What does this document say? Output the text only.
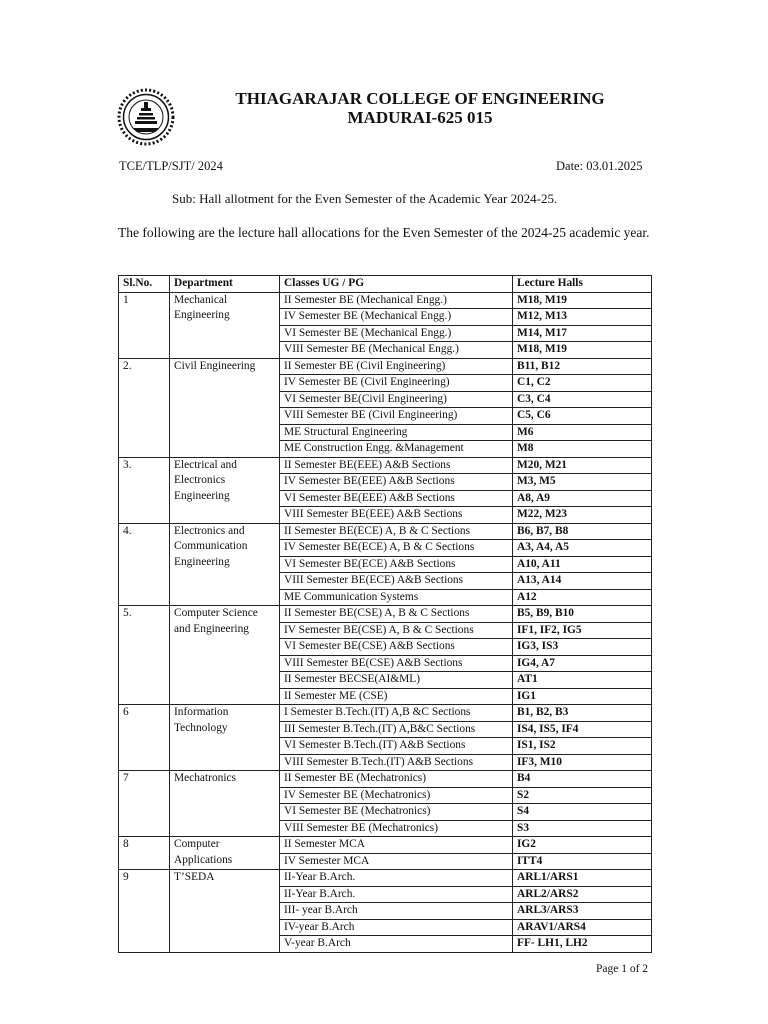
THIAGARAJAR COLLEGE OF ENGINEERING
MADURAI-625 015
TCE/TLP/SJT/ 2024	Date: 03.01.2025
Sub: Hall allotment for the Even Semester of the Academic Year 2024-25.
The following are the lecture hall allocations for the Even Semester of the 2024-25 academic year.
Sl.No.	Department	Classes UG / PG	Lecture Halls
1	Mechanical Engineering	II Semester BE (Mechanical Engg.)	M18, M19
		IV Semester BE (Mechanical Engg.)	M12, M13
		VI Semester BE (Mechanical Engg.)	M14, M17
		VIII Semester BE (Mechanical Engg.)	M18, M19
2.	Civil Engineering	II Semester BE (Civil Engineering)	B11, B12
		IV Semester BE (Civil Engineering)	C1, C2
		VI Semester BE(Civil Engineering)	C3, C4
		VIII Semester BE (Civil Engineering)	C5, C6
		ME Structural Engineering	M6
		ME Construction Engg. &Management	M8
3.	Electrical and Electronics Engineering	II Semester BE(EEE) A&B Sections	M20, M21
		IV Semester BE(EEE) A&B Sections	M3, M5
		VI Semester BE(EEE) A&B Sections	A8, A9
		VIII Semester BE(EEE) A&B Sections	M22, M23
4.	Electronics and Communication Engineering	II Semester BE(ECE) A, B & C Sections	B6, B7, B8
		IV Semester BE(ECE) A, B & C Sections	A3, A4, A5
		VI Semester BE(ECE) A&B Sections	A10, A11
		VIII Semester BE(ECE) A&B Sections	A13, A14
		ME Communication Systems	A12
5.	Computer Science and Engineering	II Semester BE(CSE) A, B & C Sections	B5, B9, B10
		IV Semester BE(CSE) A, B & C Sections	IF1, IF2, IG5
		VI Semester BE(CSE) A&B Sections	IG3, IS3
		VIII Semester BE(CSE) A&B Sections	IG4, A7
		II Semester BECSE(AI&ML)	AT1
		II Semester ME (CSE)	IG1
6	Information Technology	I Semester B.Tech.(IT) A,B &C Sections	B1, B2, B3
		III Semester B.Tech.(IT) A,B&C Sections	IS4, IS5, IF4
		VI Semester B.Tech.(IT) A&B Sections	IS1, IS2
		VIII Semester B.Tech.(IT) A&B Sections	IF3, M10
7	Mechatronics	II Semester BE (Mechatronics)	B4
		IV Semester BE (Mechatronics)	S2
		VI Semester BE (Mechatronics)	S4
		VIII Semester BE (Mechatronics)	S3
8	Computer Applications	II Semester MCA	IG2
		IV Semester MCA	ITT4
9	T’SEDA	II-Year B.Arch.	ARL1/ARS1
		II-Year B.Arch.	ARL2/ARS2
		III- year B.Arch	ARL3/ARS3
		IV-year B.Arch	ARAV1/ARS4
		V-year B.Arch	FF- LH1, LH2
Page 1 of 2
